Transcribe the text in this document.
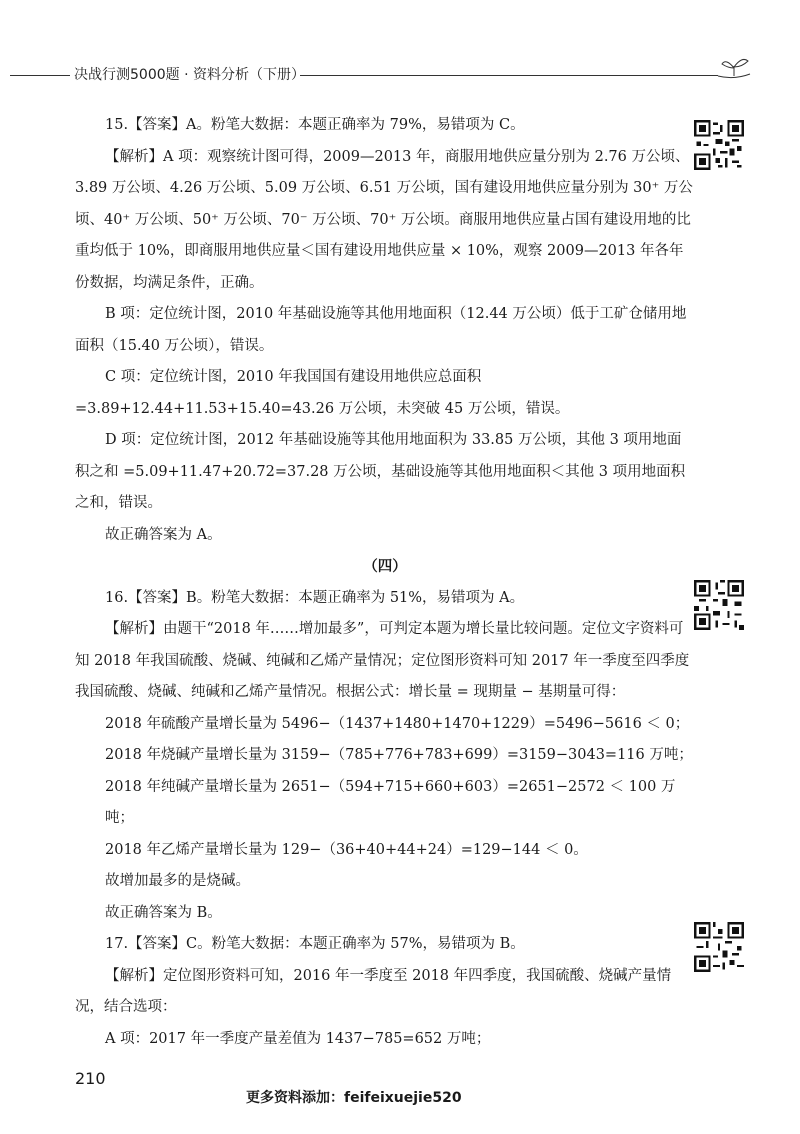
决战行测5000题 · 资料分析（下册）

15.【答案】A。粉笔大数据：本题正确率为 79%，易错项为 C。

【解析】A 项：观察统计图可得，2009—2013 年，商服用地供应量分别为 2.76 万公顷、3.89 万公顷、4.26 万公顷、5.09 万公顷、6.51 万公顷，国有建设用地供应量分别为 30⁺ 万公顷、40⁺ 万公顷、50⁺ 万公顷、70⁻ 万公顷、70⁺ 万公顷。商服用地供应量占国有建设用地的比重均低于 10%，即商服用地供应量＜国有建设用地供应量 × 10%，观察 2009—2013 年各年份数据，均满足条件，正确。

B 项：定位统计图，2010 年基础设施等其他用地面积（12.44 万公顷）低于工矿仓储用地面积（15.40 万公顷），错误。

C 项：定位统计图，2010 年我国国有建设用地供应总面积 =3.89+12.44+11.53+15.40=43.26 万公顷，未突破 45 万公顷，错误。

D 项：定位统计图，2012 年基础设施等其他用地面积为 33.85 万公顷，其他 3 项用地面积之和 =5.09+11.47+20.72=37.28 万公顷，基础设施等其他用地面积＜其他 3 项用地面积之和，错误。

故正确答案为 A。

（四）

16.【答案】B。粉笔大数据：本题正确率为 51%，易错项为 A。

【解析】由题干“2018 年……增加最多”，可判定本题为增长量比较问题。定位文字资料可知 2018 年我国硫酸、烧碱、纯碱和乙烯产量情况；定位图形资料可知 2017 年一季度至四季度我国硫酸、烧碱、纯碱和乙烯产量情况。根据公式：增长量 = 现期量 − 基期量可得：

2018 年硫酸产量增长量为 5496−（1437+1480+1470+1229）=5496−5616 ＜ 0；

2018 年烧碱产量增长量为 3159−（785+776+783+699）=3159−3043=116 万吨；

2018 年纯碱产量增长量为 2651−（594+715+660+603）=2651−2572 ＜ 100 万吨；

2018 年乙烯产量增长量为 129−（36+40+44+24）=129−144 ＜ 0。

故增加最多的是烧碱。

故正确答案为 B。

17.【答案】C。粉笔大数据：本题正确率为 57%，易错项为 B。

【解析】定位图形资料可知，2016 年一季度至 2018 年四季度，我国硫酸、烧碱产量情况，结合选项：

A 项：2017 年一季度产量差值为 1437−785=652 万吨；

210
更多资料添加：feifeixuejie520
